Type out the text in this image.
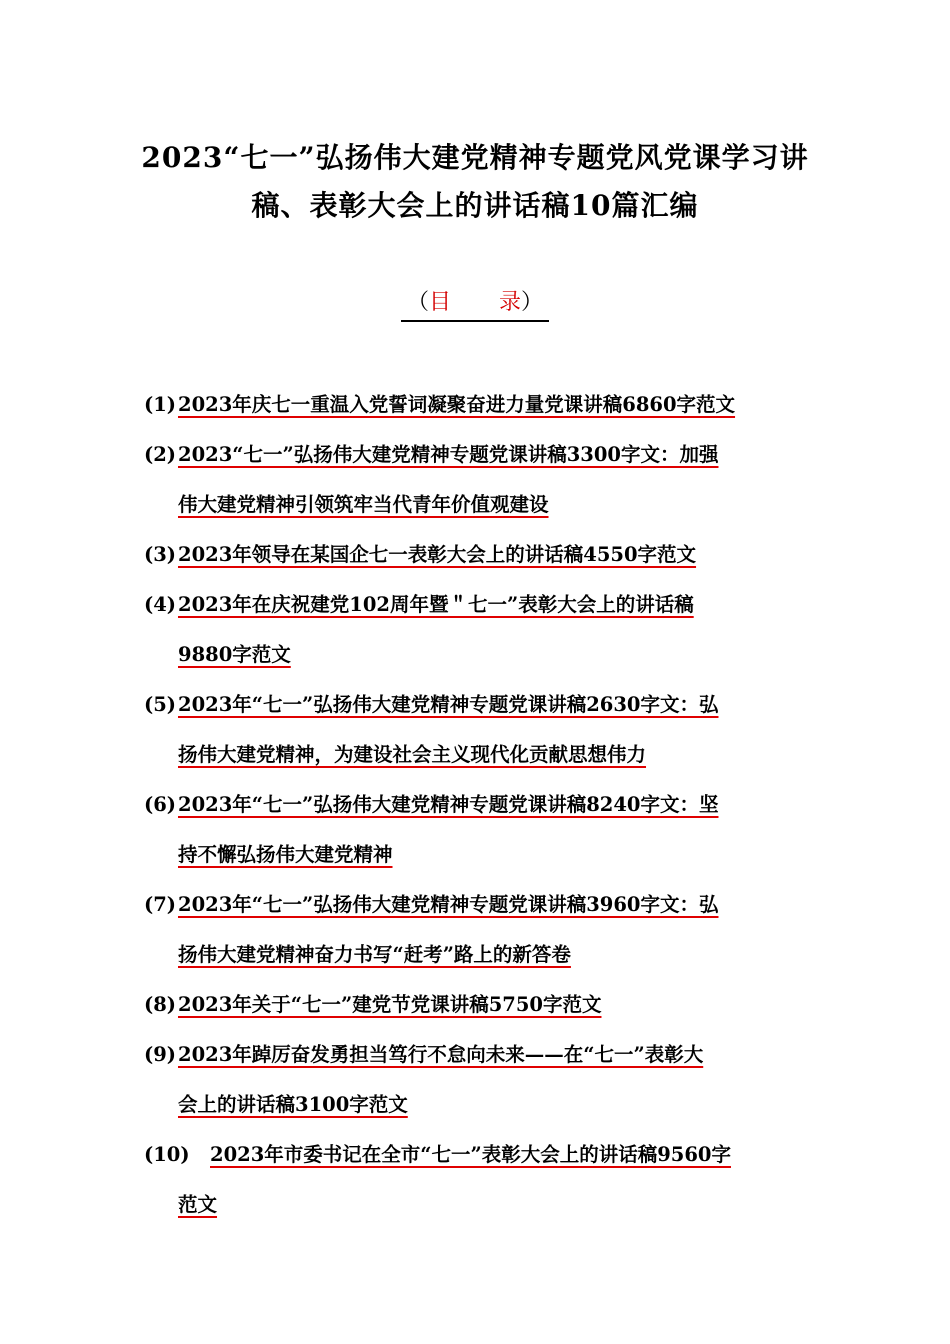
2023“七一”弘扬伟大建党精神专题党风党课学习讲
稿、表彰大会上的讲话稿10篇汇编
（目 录）
(1) 2023年庆七一重温入党誓词凝聚奋进力量党课讲稿6860字范文
(2) 2023“七一”弘扬伟大建党精神专题党课讲稿3300字文：加强
伟大建党精神引领筑牢当代青年价值观建设
(3) 2023年领导在某国企七一表彰大会上的讲话稿4550字范文
(4) 2023年在庆祝建党102周年暨＂七一”表彰大会上的讲话稿
9880字范文
(5) 2023年“七一”弘扬伟大建党精神专题党课讲稿2630字文：弘
扬伟大建党精神，为建设社会主义现代化贡献思想伟力
(6) 2023年“七一”弘扬伟大建党精神专题党课讲稿8240字文：坚
持不懈弘扬伟大建党精神
(7) 2023年“七一”弘扬伟大建党精神专题党课讲稿3960字文：弘
扬伟大建党精神奋力书写“赶考”路上的新答卷
(8) 2023年关于“七一”建党节党课讲稿5750字范文
(9) 2023年踔厉奋发勇担当笃行不怠向未来——在“七一”表彰大
会上的讲话稿3100字范文
(10) 2023年市委书记在全市“七一”表彰大会上的讲话稿9560字
范文
